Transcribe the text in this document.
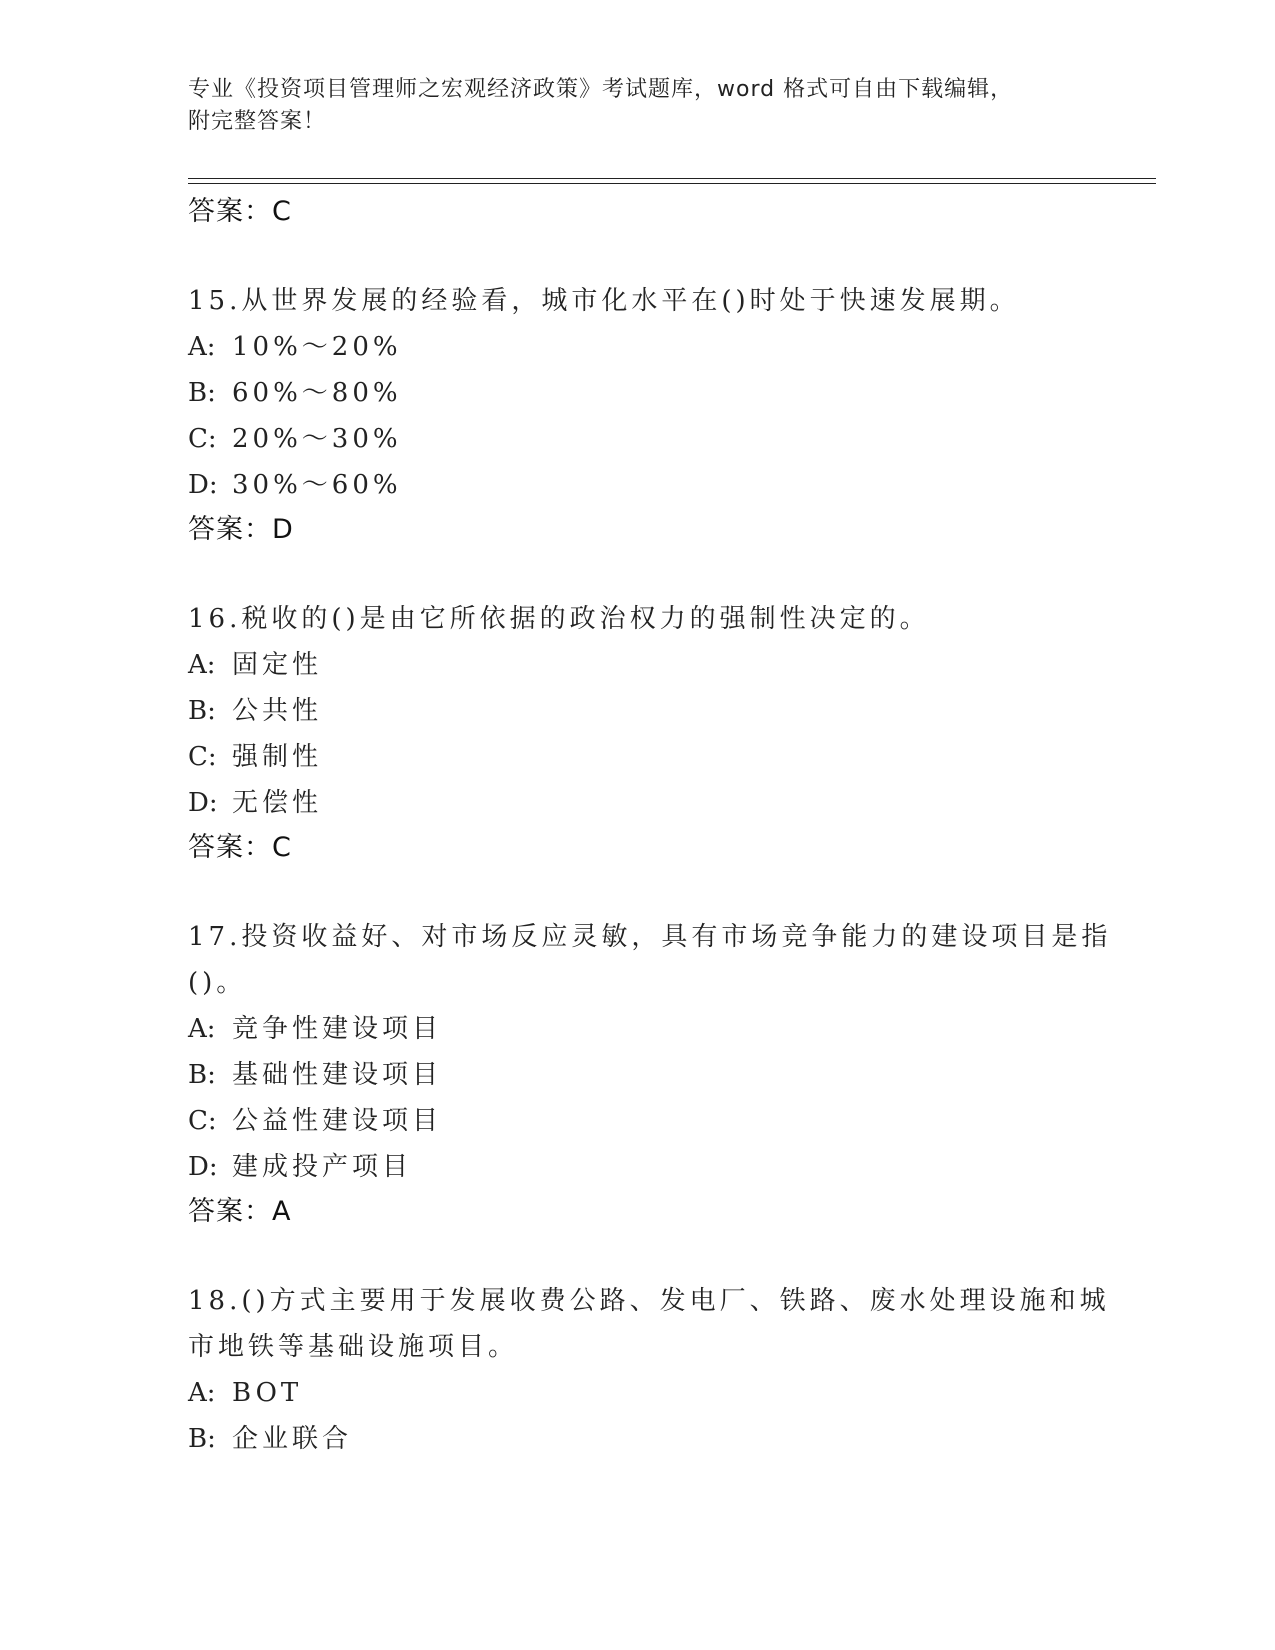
专业《投资项目管理师之宏观经济政策》考试题库，word 格式可自由下载编辑，
附完整答案！
答案：C
15.从世界发展的经验看，城市化水平在()时处于快速发展期。
A: 10%～20%
B: 60%～80%
C: 20%～30%
D: 30%～60%
答案：D
16.税收的()是由它所依据的政治权力的强制性决定的。
A: 固定性
B: 公共性
C: 强制性
D: 无偿性
答案：C
17.投资收益好、对市场反应灵敏，具有市场竞争能力的建设项目是指
()。
A: 竞争性建设项目
B: 基础性建设项目
C: 公益性建设项目
D: 建成投产项目
答案：A
18.()方式主要用于发展收费公路、发电厂、铁路、废水处理设施和城
市地铁等基础设施项目。
A: BOT
B: 企业联合
